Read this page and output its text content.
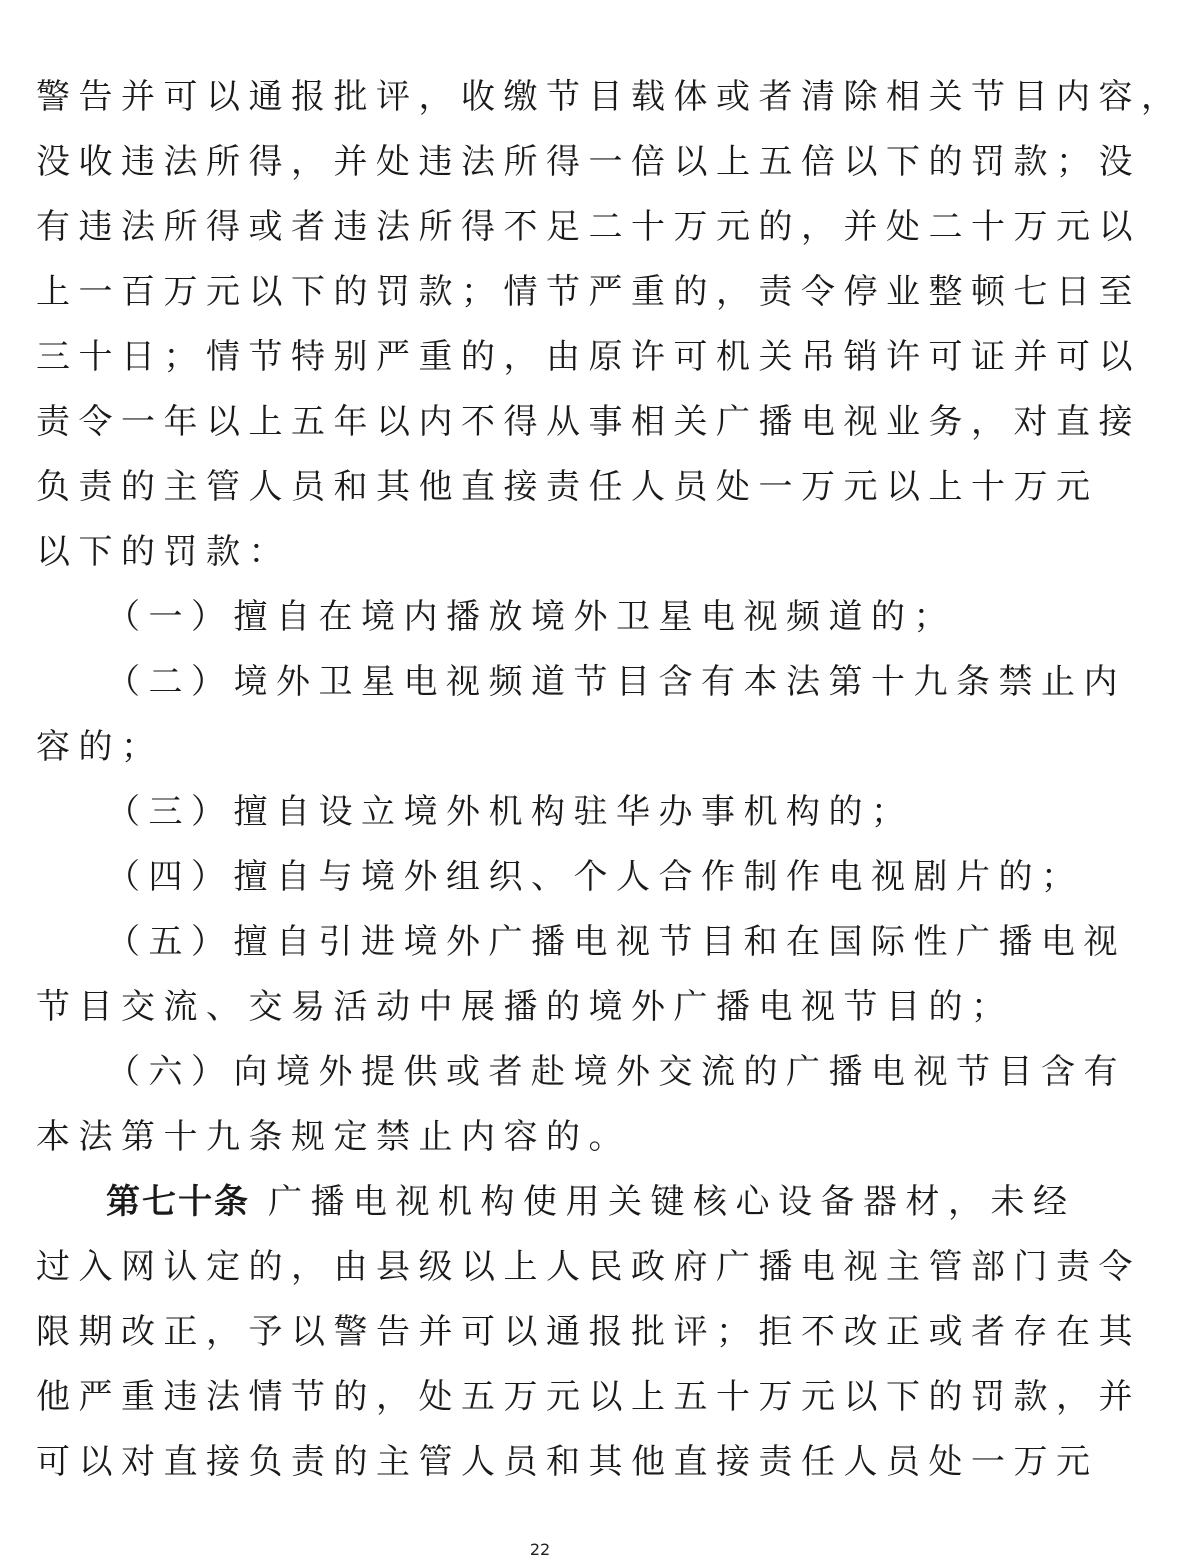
警告并可以通报批评，收缴节目载体或者清除相关节目内容，
没收违法所得，并处违法所得一倍以上五倍以下的罚款；没
有违法所得或者违法所得不足二十万元的，并处二十万元以
上一百万元以下的罚款；情节严重的，责令停业整顿七日至
三十日；情节特别严重的，由原许可机关吊销许可证并可以
责令一年以上五年以内不得从事相关广播电视业务，对直接
负责的主管人员和其他直接责任人员处一万元以上十万元
以下的罚款：
（一）擅自在境内播放境外卫星电视频道的；
（二）境外卫星电视频道节目含有本法第十九条禁止内
容的；
（三）擅自设立境外机构驻华办事机构的；
（四）擅自与境外组织、个人合作制作电视剧片的；
（五）擅自引进境外广播电视节目和在国际性广播电视
节目交流、交易活动中展播的境外广播电视节目的；
（六）向境外提供或者赴境外交流的广播电视节目含有
本法第十九条规定禁止内容的。
第七十条 广播电视机构使用关键核心设备器材，未经
过入网认定的，由县级以上人民政府广播电视主管部门责令
限期改正，予以警告并可以通报批评；拒不改正或者存在其
他严重违法情节的，处五万元以上五十万元以下的罚款，并
可以对直接负责的主管人员和其他直接责任人员处一万元
22
